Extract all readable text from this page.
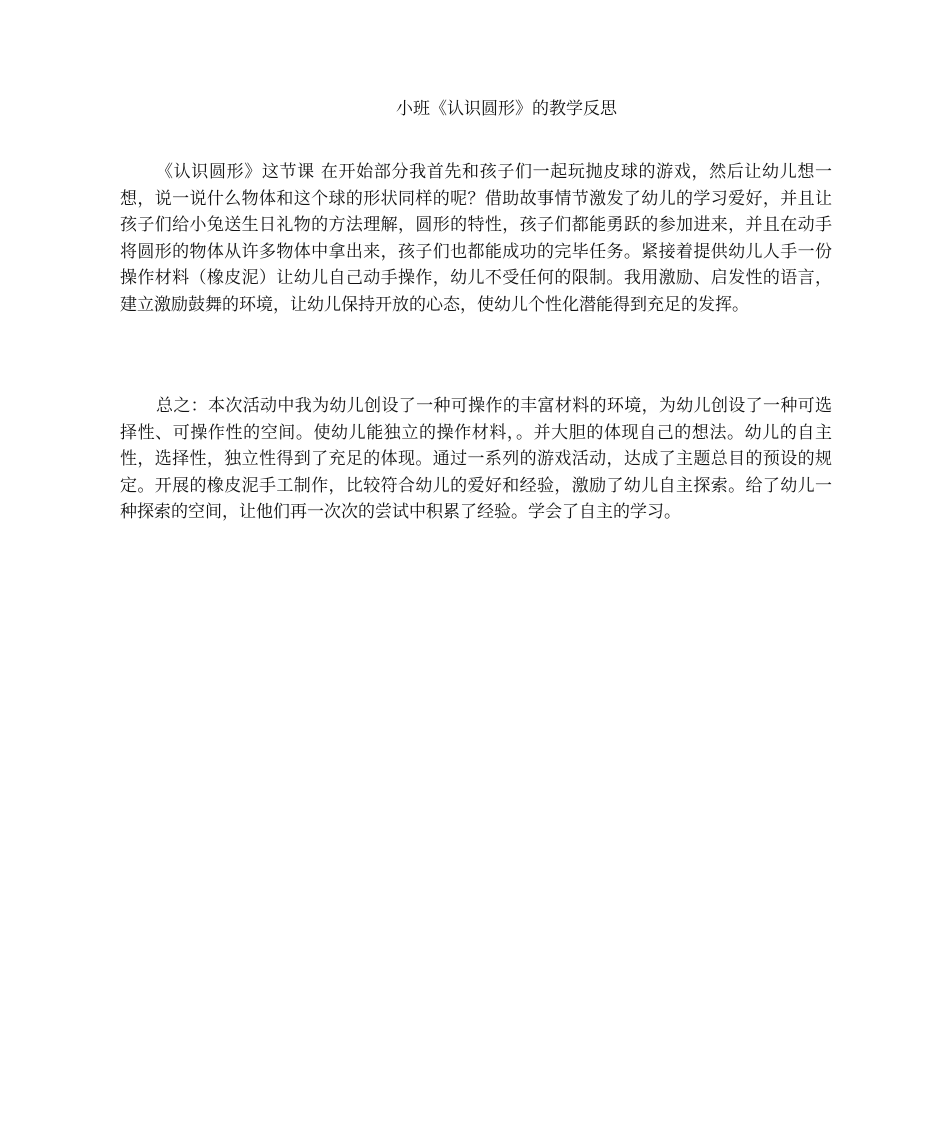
小班《认识圆形》的教学反思

《认识圆形》这节课 在开始部分我首先和孩子们一起玩抛皮球的游戏，然后让幼儿想一想，说一说什么物体和这个球的形状同样的呢？借助故事情节激发了幼儿的学习爱好，并且让孩子们给小兔送生日礼物的方法理解，圆形的特性，孩子们都能勇跃的参加进来，并且在动手将圆形的物体从许多物体中拿出来，孩子们也都能成功的完毕任务。紧接着提供幼儿人手一份操作材料（橡皮泥）让幼儿自己动手操作，幼儿不受任何的限制。我用激励、启发性的语言，建立激励鼓舞的环境，让幼儿保持开放的心态，使幼儿个性化潜能得到充足的发挥。

总之：本次活动中我为幼儿创设了一种可操作的丰富材料的环境，为幼儿创设了一种可选择性、可操作性的空间。使幼儿能独立的操作材料，。并大胆的体现自己的想法。幼儿的自主性，选择性，独立性得到了充足的体现。通过一系列的游戏活动，达成了主题总目的预设的规定。开展的橡皮泥手工制作，比较符合幼儿的爱好和经验，激励了幼儿自主探索。给了幼儿一种探索的空间，让他们再一次次的尝试中积累了经验。学会了自主的学习。
